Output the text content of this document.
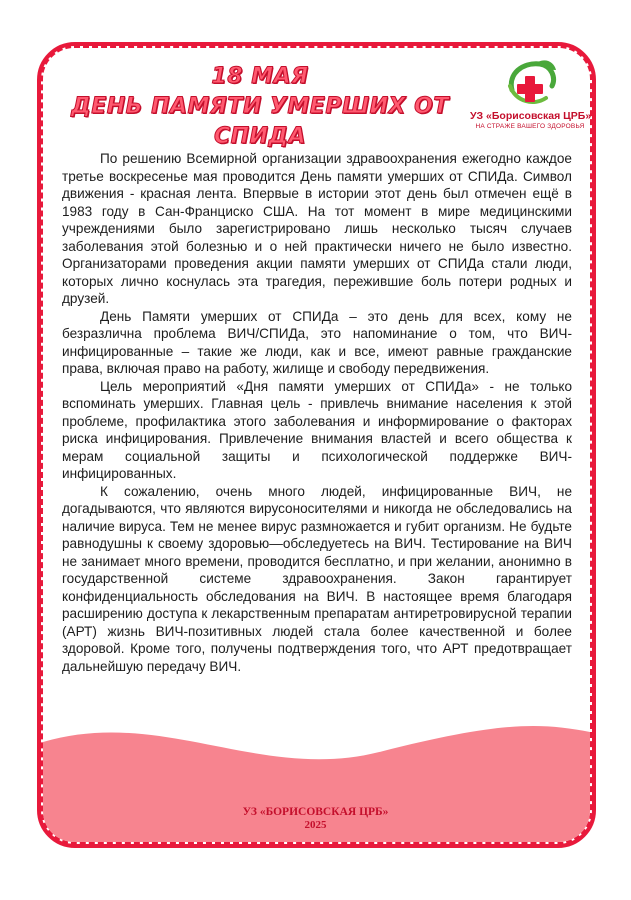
18 МАЯ
ДЕНЬ ПАМЯТИ УМЕРШИХ ОТ СПИДА
УЗ «Борисовская ЦРБ»
НА СТРАЖЕ ВАШЕГО ЗДОРОВЬЯ

По решению Всемирной организации здравоохранения ежегодно каждое третье воскресенье мая проводится День памяти умерших от СПИДа. Символ движения - красная лента. Впервые в истории этот день был отмечен ещё в 1983 году в Сан-Франциско США. На тот момент в мире медицинскими учреждениями было зарегистрировано лишь несколько тысяч случаев заболевания этой болезнью и о ней практически ничего не было известно. Организаторами проведения акции памяти умерших от СПИДа стали люди, которых лично коснулась эта трагедия, пережившие боль потери родных и друзей.

День Памяти умерших от СПИДа – это день для всех, кому не безразлична проблема ВИЧ/СПИДа, это напоминание о том, что ВИЧ-инфицированные – такие же люди, как и все, имеют равные гражданские права, включая право на работу, жилище и свободу передвижения.

Цель мероприятий «Дня памяти умерших от СПИДа» - не только вспоминать умерших. Главная цель - привлечь внимание населения к этой проблеме, профилактика этого заболевания и информирование о факторах риска инфицирования. Привлечение внимания властей и всего общества к мерам социальной защиты и психологической поддержке ВИЧ-инфицированных.

К сожалению, очень много людей, инфицированные ВИЧ, не догадываются, что являются вирусоносителями и никогда не обследовались на наличие вируса. Тем не менее вирус размножается и губит организм. Не будьте равнодушны к своему здоровью—обследуетесь на ВИЧ. Тестирование на ВИЧ не занимает много времени, проводится бесплатно, и при желании, анонимно в государственной системе здравоохранения. Закон гарантирует конфиденциальность обследования на ВИЧ. В настоящее время благодаря расширению доступа к лекарственным препаратам антиретровирусной терапии (АРТ) жизнь ВИЧ-позитивных людей стала более качественной и более здоровой. Кроме того, получены подтверждения того, что АРТ предотвращает дальнейшую передачу ВИЧ.

УЗ «БОРИСОВСКАЯ ЦРБ»
2025
